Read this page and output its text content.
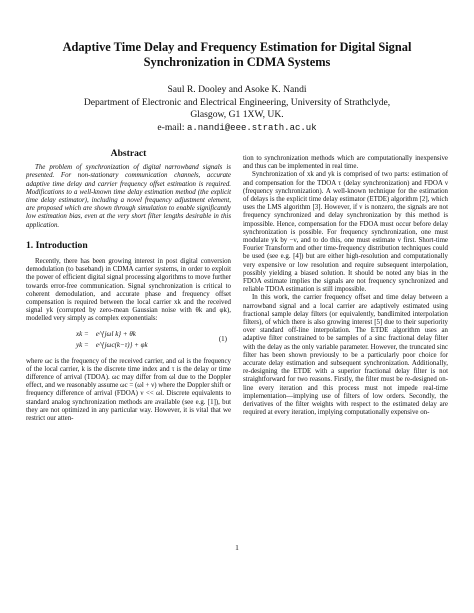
Adaptive Time Delay and Frequency Estimation for Digital Signal
Synchronization in CDMA Systems
Saul R. Dooley and Asoke K. Nandi
Department of Electronic and Electrical Engineering, University of Strathclyde,
Glasgow, G1 1XW, UK.
e-mail: a.nandi@eee.strath.ac.uk
Abstract

The problem of synchronization of digital narrowband signals is presented. For non-stationary communication channels, accurate adaptive time delay and carrier frequency offset estimation is required. Modifications to a well-known time delay estimation method (the explicit time delay estimator), including a novel frequency adjustment element, are proposed which are shown through simulation to enable significantly low estimation bias, even at the very short filter lengths desirable in this application.

1. Introduction

Recently, there has been growing interest in post digital conversion demodulation (to baseband) in CDMA carrier systems, in order to exploit the power of efficient digital signal processing algorithms to move further towards error-free communication. Signal synchronization is critical to coherent demodulation, and accurate phase and frequency offset compensation is required between the local carrier xk and the received signal yk (corrupted by zero-mean Gaussian noise with θk and φk), modelled very simply as complex exponentials:

xk = e^{jωl k} + θk
yk = e^{jωc(k−τ)} + φk
(1)

where ωc is the frequency of the received carrier, and ωl is the frequency of the local carrier, k is the discrete time index and τ is the delay or time difference of arrival (TDOA). ωc may differ from ωl due to the Doppler effect, and we reasonably assume ωc = (ωl + ν) where the Doppler shift or frequency difference of arrival (FDOA) ν << ωl. Discrete equivalents to standard analog synchronization methods are available (see e.g. [1]), but they are not optimized in any particular way. However, it is vital that we restrict our atten-

tion to synchronization methods which are computationally inexpensive and thus can be implemented in real time.

Synchronization of xk and yk is comprised of two parts: estimation of and compensation for the TDOA τ (delay synchronization) and FDOA ν (frequency synchronization). A well-known technique for the estimation of delays is the explicit time delay estimator (ETDE) algorithm [2], which uses the LMS algorithm [3]. However, if ν is nonzero, the signals are not frequency synchronized and delay synchronization by this method is impossible. Hence, compensation for the FDOA must occur before delay synchronization is possible. For frequency synchronization, one must modulate yk by −ν, and to do this, one must estimate ν first. Short-time Fourier Transform and other time-frequency distribution techniques could be used (see e.g. [4]) but are either high-resolution and computationally very expensive or low resolution and require subsequent interpolation, possibly yielding a biased solution. It should be noted any bias in the FDOA estimate implies the signals are not frequency synchronized and reliable TDOA estimation is still impossible.

In this work, the carrier frequency offset and time delay between a narrowband signal and a local carrier are adaptively estimated using fractional sample delay filters (or equivalently, bandlimited interpolation filters), of which there is also growing interest [5] due to their superiority over standard off-line interpolation. The ETDE algorithm uses an adaptive filter constrained to be samples of a sinc fractional delay filter with the delay as the only variable parameter. However, the truncated sinc filter has been shown previously to be a particularly poor choice for accurate delay estimation and subsequent synchronization. Additionally, re-designing the ETDE with a superior fractional delay filter is not straightforward for two reasons. Firstly, the filter must be re-designed on-line every iteration and this process must not impede real-time implementation—implying use of filters of low orders. Secondly, the derivatives of the filter weights with respect to the estimated delay are required at every iteration, implying computationally expensive on-

1
